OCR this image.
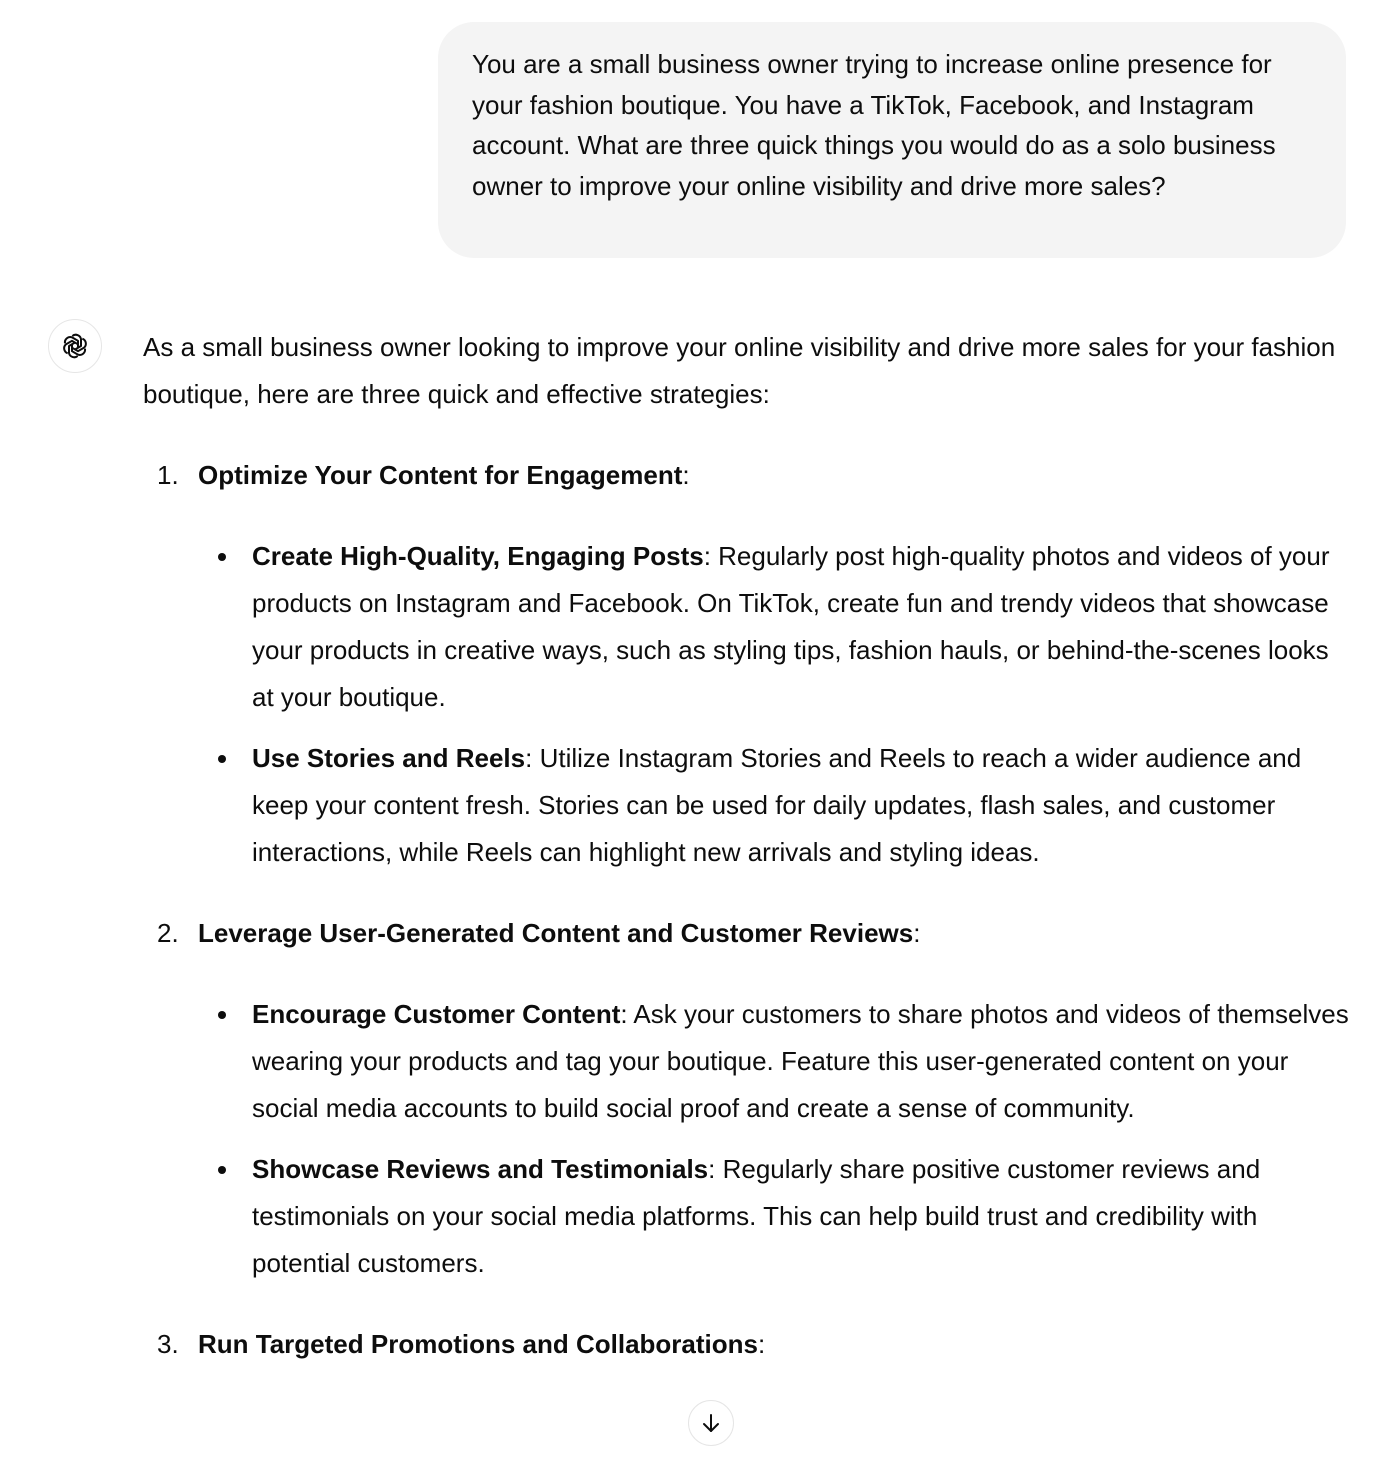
You are a small business owner trying to increase online presence for your fashion boutique. You have a TikTok, Facebook, and Instagram account. What are three quick things you would do as a solo business owner to improve your online visibility and drive more sales?

As a small business owner looking to improve your online visibility and drive more sales for your fashion boutique, here are three quick and effective strategies:

1. Optimize Your Content for Engagement:
Create High-Quality, Engaging Posts: Regularly post high-quality photos and videos of your products on Instagram and Facebook. On TikTok, create fun and trendy videos that showcase your products in creative ways, such as styling tips, fashion hauls, or behind-the-scenes looks at your boutique.
Use Stories and Reels: Utilize Instagram Stories and Reels to reach a wider audience and keep your content fresh. Stories can be used for daily updates, flash sales, and customer interactions, while Reels can highlight new arrivals and styling ideas.
2. Leverage User-Generated Content and Customer Reviews:
Encourage Customer Content: Ask your customers to share photos and videos of themselves wearing your products and tag your boutique. Feature this user-generated content on your social media accounts to build social proof and create a sense of community.
Showcase Reviews and Testimonials: Regularly share positive customer reviews and testimonials on your social media platforms. This can help build trust and credibility with potential customers.
3. Run Targeted Promotions and Collaborations:
